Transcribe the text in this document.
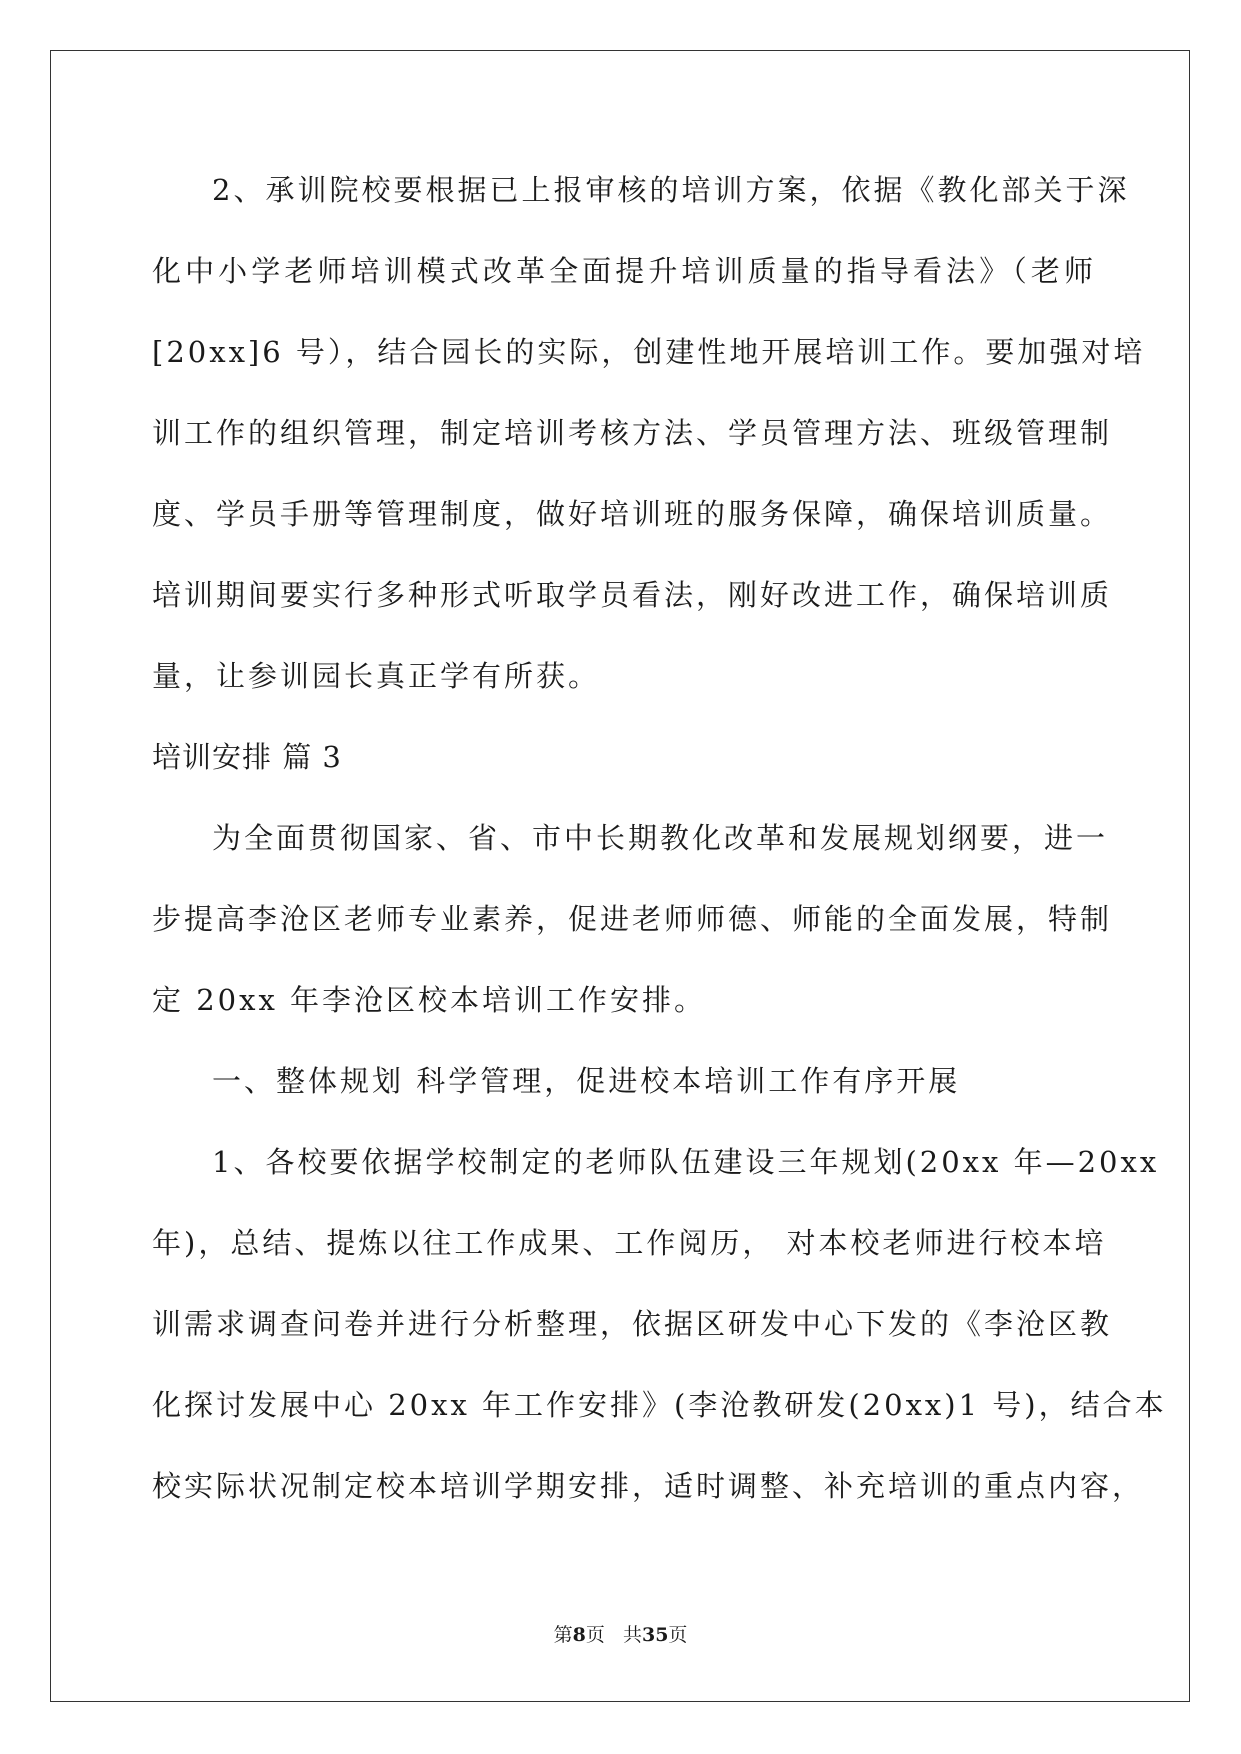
2、承训院校要根据已上报审核的培训方案，依据《教化部关于深
化中小学老师培训模式改革全面提升培训质量的指导看法》（老师
[20xx]6 号），结合园长的实际，创建性地开展培训工作。要加强对培
训工作的组织管理，制定培训考核方法、学员管理方法、班级管理制
度、学员手册等管理制度，做好培训班的服务保障，确保培训质量。
培训期间要实行多种形式听取学员看法，刚好改进工作，确保培训质
量，让参训园长真正学有所获。
培训安排 篇 3
为全面贯彻国家、省、市中长期教化改革和发展规划纲要，进一
步提高李沧区老师专业素养，促进老师师德、师能的全面发展，特制
定 20xx 年李沧区校本培训工作安排。
一、整体规划 科学管理，促进校本培训工作有序开展
1、各校要依据学校制定的老师队伍建设三年规划(20xx 年—20xx
年)，总结、提炼以往工作成果、工作阅历， 对本校老师进行校本培
训需求调查问卷并进行分析整理，依据区研发中心下发的《李沧区教
化探讨发展中心 20xx 年工作安排》(李沧教研发(20xx)1 号)，结合本
校实际状况制定校本培训学期安排，适时调整、补充培训的重点内容，
第8页 共35页
